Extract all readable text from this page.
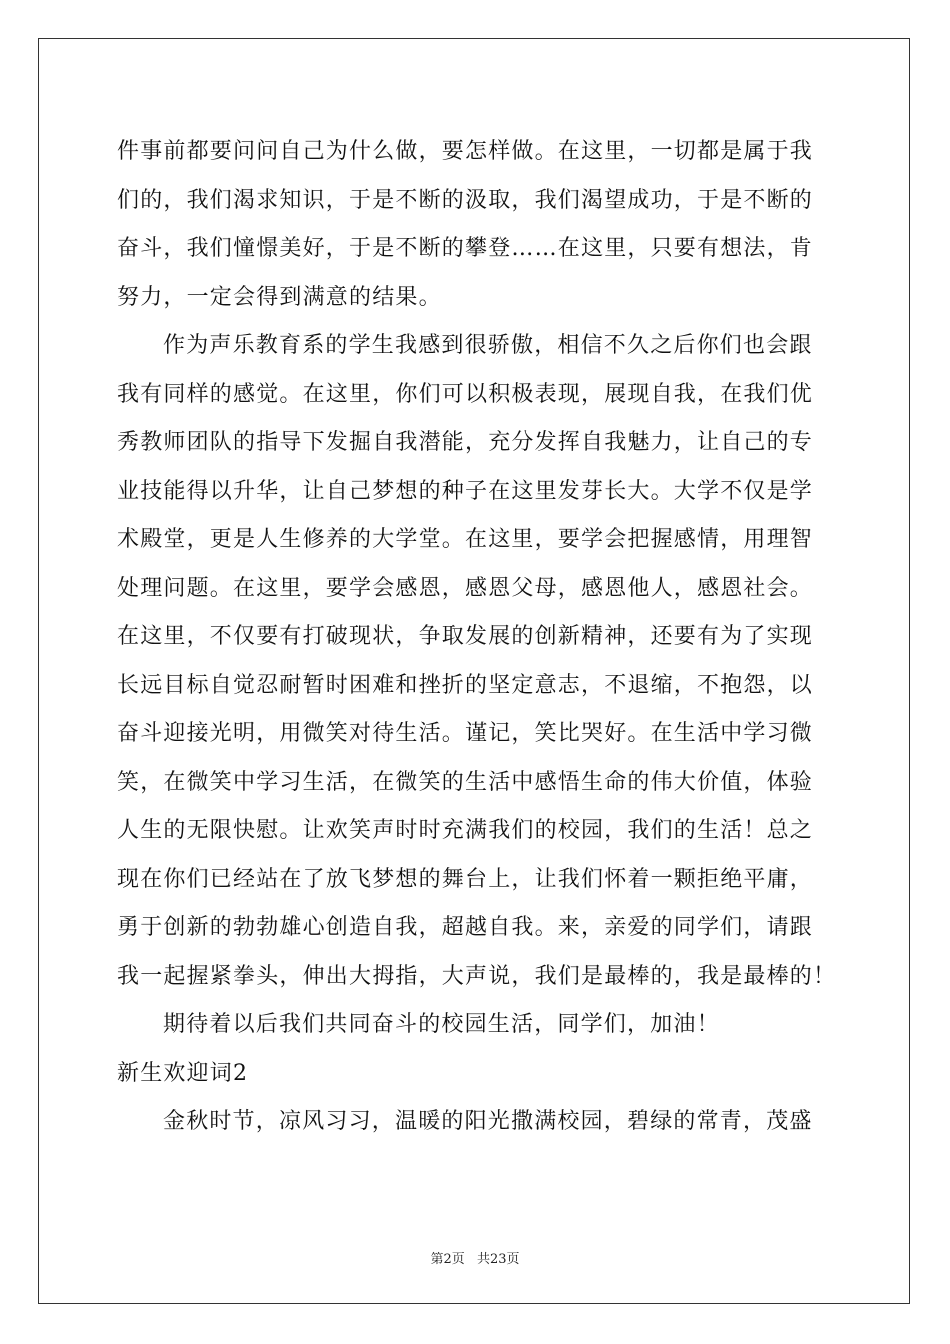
件事前都要问问自己为什么做，要怎样做。在这里，一切都是属于我
们的，我们渴求知识，于是不断的汲取，我们渴望成功，于是不断的
奋斗，我们憧憬美好，于是不断的攀登……在这里，只要有想法，肯
努力，一定会得到满意的结果。
作为声乐教育系的学生我感到很骄傲，相信不久之后你们也会跟
我有同样的感觉。在这里，你们可以积极表现，展现自我，在我们优
秀教师团队的指导下发掘自我潜能，充分发挥自我魅力，让自己的专
业技能得以升华，让自己梦想的种子在这里发芽长大。大学不仅是学
术殿堂，更是人生修养的大学堂。在这里，要学会把握感情，用理智
处理问题。在这里，要学会感恩，感恩父母，感恩他人，感恩社会。
在这里，不仅要有打破现状，争取发展的创新精神，还要有为了实现
长远目标自觉忍耐暂时困难和挫折的坚定意志，不退缩，不抱怨，以
奋斗迎接光明，用微笑对待生活。谨记，笑比哭好。在生活中学习微
笑，在微笑中学习生活，在微笑的生活中感悟生命的伟大价值，体验
人生的无限快慰。让欢笑声时时充满我们的校园，我们的生活！总之
现在你们已经站在了放飞梦想的舞台上，让我们怀着一颗拒绝平庸，
勇于创新的勃勃雄心创造自我，超越自我。来，亲爱的同学们，请跟
我一起握紧拳头，伸出大拇指，大声说，我们是最棒的，我是最棒的！
期待着以后我们共同奋斗的校园生活，同学们，加油！
新生欢迎词2
金秋时节，凉风习习，温暖的阳光撒满校园，碧绿的常青，茂盛
第2页 共23页
